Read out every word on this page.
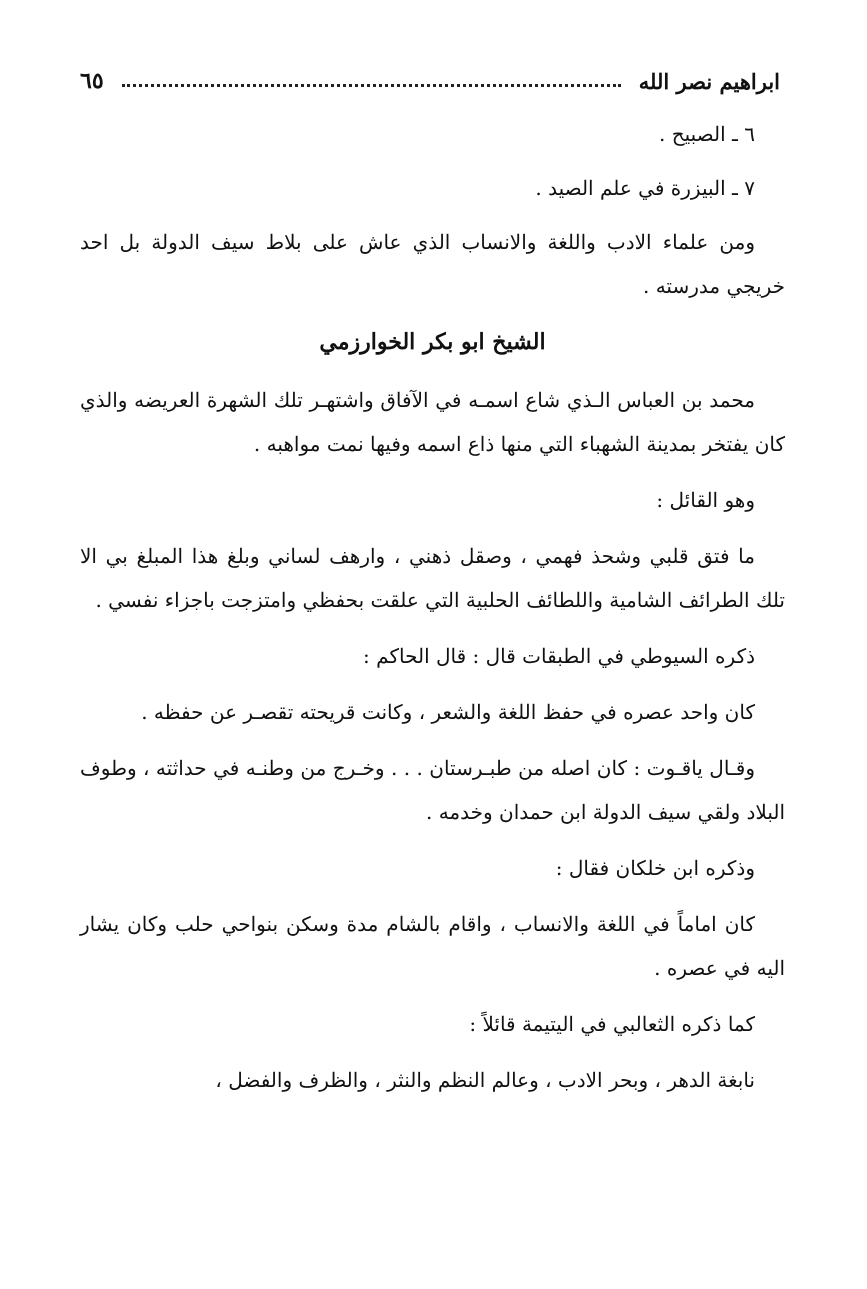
ابراهيم نصر الله
٦٥

٦ ـ الصبيح .

٧ ـ البيزرة في علم الصيد .

ومن علماء الادب واللغة والانساب الذي عاش على بلاط سيف الدولة بل احد خريجي مدرسته .

الشيخ ابو بكر الخوارزمي

محمد بن العباس الـذي شاع اسمـه في الآفاق واشتهـر تلك الشهرة العريضه والذي كان يفتخر بمدينة الشهباء التي منها ذاع اسمه وفيها نمت مواهبه .

وهو القائل :

ما فتق قلبي وشحذ فهمي ، وصقل ذهني ، وارهف لساني وبلغ هذا المبلغ بي الا تلك الطرائف الشامية واللطائف الحلبية التي علقت بحفظي وامتزجت باجزاء نفسي .

ذكره السيوطي في الطبقات قال : قال الحاكم :

كان واحد عصره في حفظ اللغة والشعر ، وكانت قريحته تقصـر عن حفظه .

وقـال ياقـوت : كان اصله من طبـرستان . . . وخـرج من وطنـه في حداثته ، وطوف البلاد ولقي سيف الدولة ابن حمدان وخدمه .

وذكره ابن خلكان فقال :

كان اماماً في اللغة والانساب ، واقام بالشام مدة وسكن بنواحي حلب وكان يشار اليه في عصره .

كما ذكره الثعالبي في اليتيمة قائلاً :

نابغة الدهر ، وبحر الادب ، وعالم النظم والنثر ، والظرف والفضل ،
